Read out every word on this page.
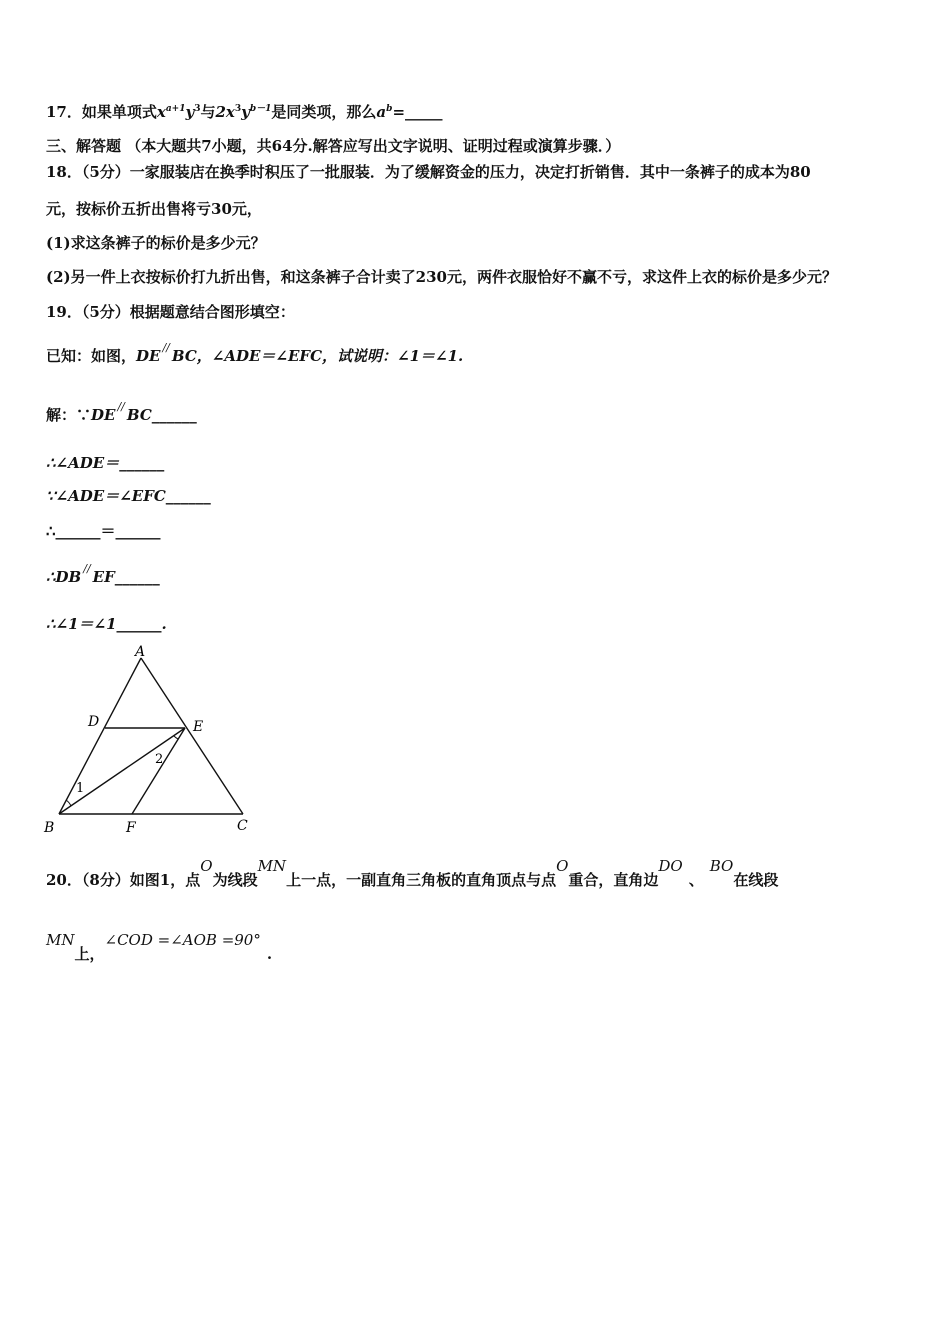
17．如果单项式$x^{a+1}y^3$与$2x^3y^{b-1}$是同类项，那么$a^b=\_\_\_\_\_$
三、解答题 （本大题共7小题，共64分.解答应写出文字说明、证明过程或演算步骤．）
18．（5分）一家服装店在换季时积压了一批服装．为了缓解资金的压力，决定打折销售．其中一条裤子的成本为80
元，按标价五折出售将亏30元，
(1)求这条裤子的标价是多少元？
(2)另一件上衣按标价打九折出售，和这条裤子合计卖了230元，两件衣服恰好不赢不亏，求这件上衣的标价是多少元？
19．（5分）根据题意结合图形填空：
已知：如图，DE // BC，∠ADE＝∠EFC，试说明：∠1＝∠1.
解：∵DE // BC______
∴∠ADE＝______
∵∠ADE＝∠EFC______
∴______＝______
∴DB // EF______
∴∠1＝∠1______.
A
B	C
D	E
F
1
2
20．（8分）如图1，点O为线段MN上一点，一副直角三角板的直角顶点与点O重合，直角边DO、BO在线段
MN上，∠COD =∠AOB =90°.
